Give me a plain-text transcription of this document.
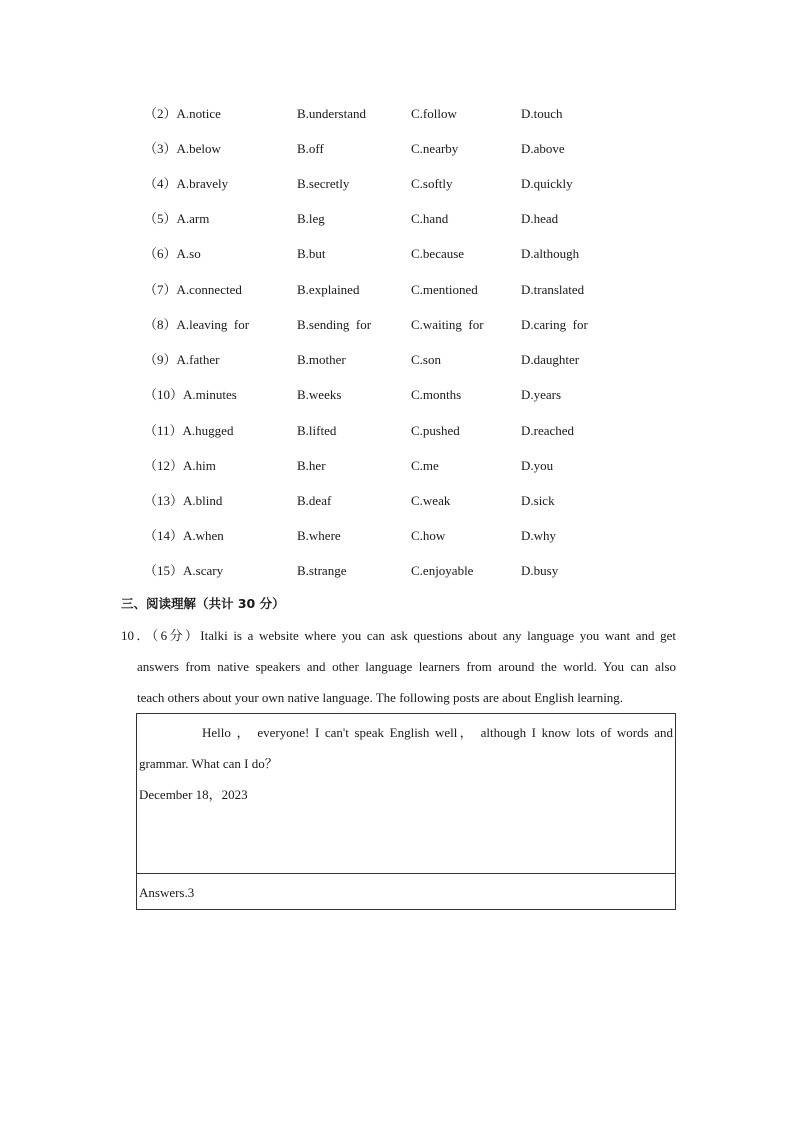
（2）A.notice	B.understand	C.follow	D.touch
（3）A.below	B.off	C.nearby	D.above
（4）A.bravely	B.secretly	C.softly	D.quickly
（5）A.arm	B.leg	C.hand	D.head
（6）A.so	B.but	C.because	D.although
（7）A.connected	B.explained	C.mentioned	D.translated
（8）A.leaving  for	B.sending  for	C.waiting  for	D.caring  for
（9）A.father	B.mother	C.son	D.daughter
（10）A.minutes	B.weeks	C.months	D.years
（11）A.hugged	B.lifted	C.pushed	D.reached
（12）A.him	B.her	C.me	D.you
（13）A.blind	B.deaf	C.weak	D.sick
（14）A.when	B.where	C.how	D.why
（15）A.scary	B.strange	C.enjoyable	D.busy
三、阅读理解（共计 30 分）
10．（6分）Italki is a website where you can ask questions about any language you want and get
answers from native speakers and other language learners from around the world. You can also
teach others about your own native language. The following posts are about English learning.
Hello ， everyone! I can't speak English well， although I know lots of words and
grammar. What can I do？
December 18，2023
Answers.3
